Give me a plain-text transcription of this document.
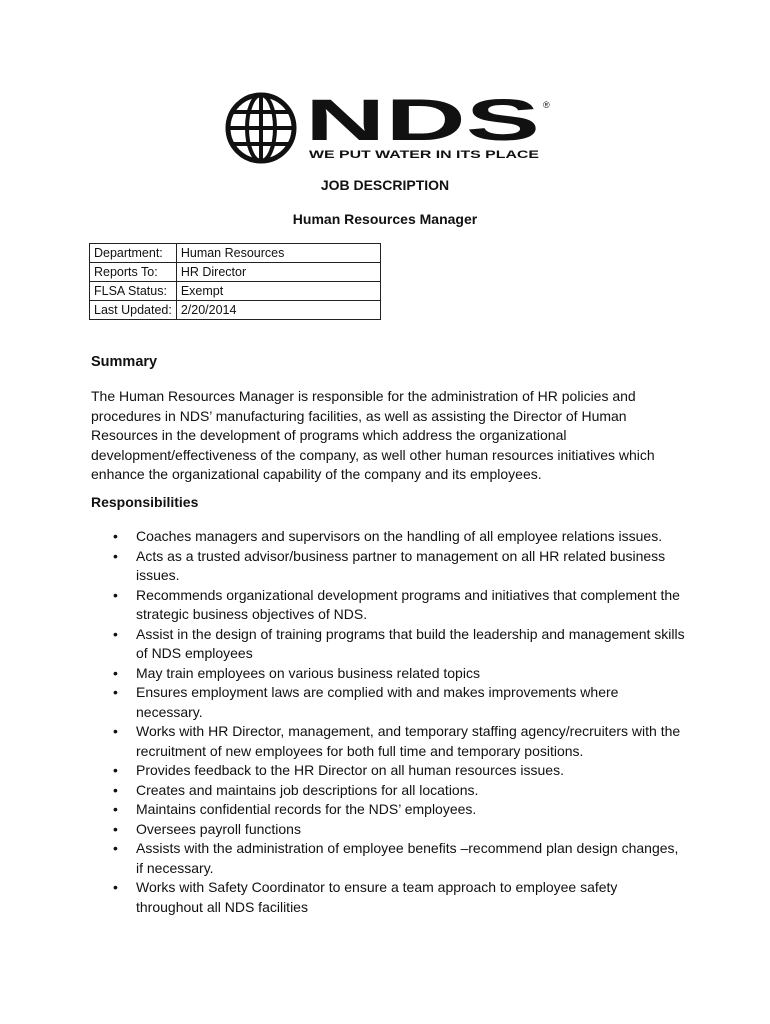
NDS ®
WE PUT WATER IN ITS PLACE
JOB DESCRIPTION
Human Resources Manager
Department:	Human Resources
Reports To:	HR Director
FLSA Status:	Exempt
Last Updated:	2/20/2014
Summary
The Human Resources Manager is responsible for the administration of HR policies and procedures in NDS’ manufacturing facilities, as well as assisting the Director of Human Resources in the development of programs which address the organizational development/effectiveness of the company, as well other human resources initiatives which enhance the organizational capability of the company and its employees.
Responsibilities
• Coaches managers and supervisors on the handling of all employee relations issues.
• Acts as a trusted advisor/business partner to management on all HR related business issues.
• Recommends organizational development programs and initiatives that complement the strategic business objectives of NDS.
• Assist in the design of training programs that build the leadership and management skills of NDS employees
• May train employees on various business related topics
• Ensures employment laws are complied with and makes improvements where necessary.
• Works with HR Director, management, and temporary staffing agency/recruiters with the recruitment of new employees for both full time and temporary positions.
• Provides feedback to the HR Director on all human resources issues.
• Creates and maintains job descriptions for all locations.
• Maintains confidential records for the NDS’ employees.
• Oversees payroll functions
• Assists with the administration of employee benefits –recommend plan design changes, if necessary.
• Works with Safety Coordinator to ensure a team approach to employee safety throughout all NDS facilities
